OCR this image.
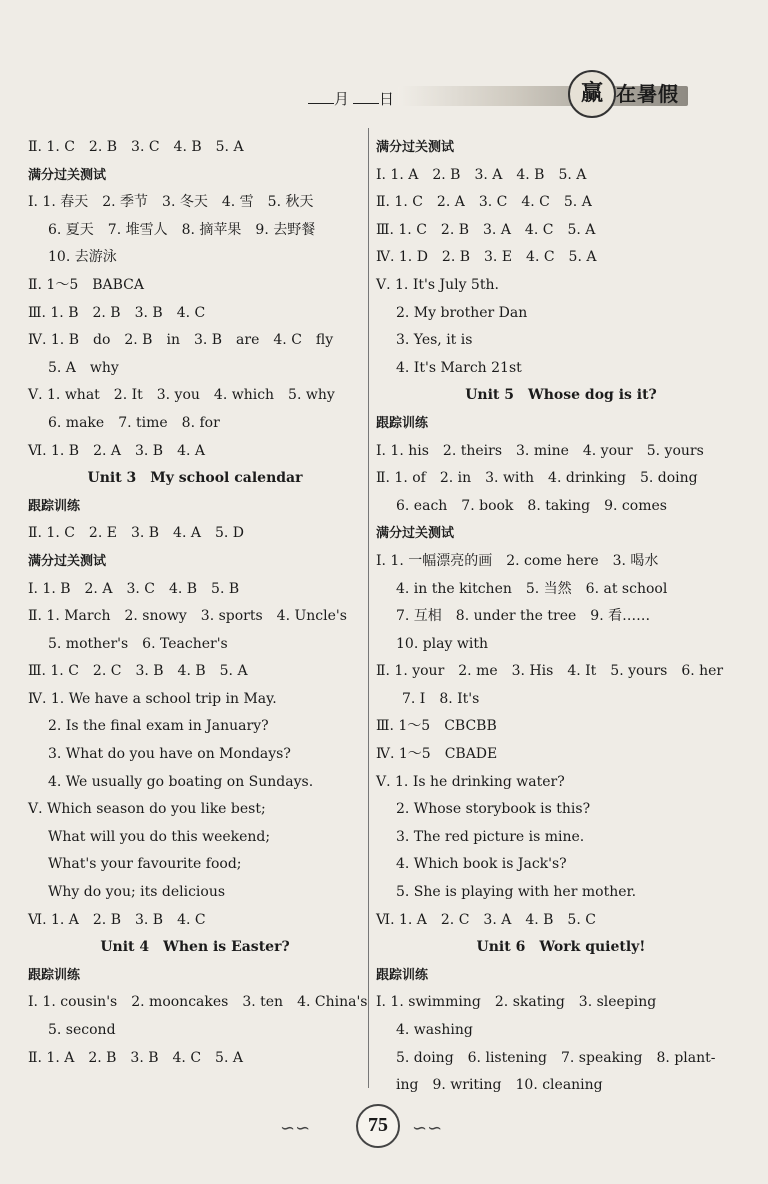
月 日	赢 在暑假
Ⅱ. 1. C　2. B　3. C　4. B　5. A
满分过关测试
Ⅰ. 1. 春天　2. 季节　3. 冬天　4. 雪　5. 秋天
6. 夏天　7. 堆雪人　8. 摘苹果　9. 去野餐
10. 去游泳
Ⅱ. 1～5　BABCA
Ⅲ. 1. B　2. B　3. B　4. C
Ⅳ. 1. B　do　2. B　in　3. B　are　4. C　fly
5. A　why
Ⅴ. 1. what　2. It　3. you　4. which　5. why
6. make　7. time　8. for
Ⅵ. 1. B　2. A　3. B　4. A
Unit 3　My school calendar
跟踪训练
Ⅱ. 1. C　2. E　3. B　4. A　5. D
满分过关测试
Ⅰ. 1. B　2. A　3. C　4. B　5. B
Ⅱ. 1. March　2. snowy　3. sports　4. Uncle's
5. mother's　6. Teacher's
Ⅲ. 1. C　2. C　3. B　4. B　5. A
Ⅳ. 1. We have a school trip in May.
2. Is the final exam in January?
3. What do you have on Mondays?
4. We usually go boating on Sundays.
Ⅴ. Which season do you like best;
What will you do this weekend;
What's your favourite food;
Why do you; its delicious
Ⅵ. 1. A　2. B　3. B　4. C
Unit 4　When is Easter?
跟踪训练
Ⅰ. 1. cousin's　2. mooncakes　3. ten　4. China's
5. second
Ⅱ. 1. A　2. B　3. B　4. C　5. A
满分过关测试
Ⅰ. 1. A　2. B　3. A　4. B　5. A
Ⅱ. 1. C　2. A　3. C　4. C　5. A
Ⅲ. 1. C　2. B　3. A　4. C　5. A
Ⅳ. 1. D　2. B　3. E　4. C　5. A
Ⅴ. 1. It's July 5th.
2. My brother Dan
3. Yes, it is
4. It's March 21st
Unit 5　Whose dog is it?
跟踪训练
Ⅰ. 1. his　2. theirs　3. mine　4. your　5. yours
Ⅱ. 1. of　2. in　3. with　4. drinking　5. doing
6. each　7. book　8. taking　9. comes
满分过关测试
Ⅰ. 1. 一幅漂亮的画　2. come here　3. 喝水
4. in the kitchen　5. 当然　6. at school
7. 互相　8. under the tree　9. 看……
10. play with
Ⅱ. 1. your　2. me　3. His　4. It　5. yours　6. her
7. I　8. It's
Ⅲ. 1～5　CBCBB
Ⅳ. 1～5　CBADE
Ⅴ. 1. Is he drinking water?
2. Whose storybook is this?
3. The red picture is mine.
4. Which book is Jack's?
5. She is playing with her mother.
Ⅵ. 1. A　2. C　3. A　4. B　5. C
Unit 6　Work quietly!
跟踪训练
Ⅰ. 1. swimming　2. skating　3. sleeping
4. washing
5. doing　6. listening　7. speaking　8. plant-
ing　9. writing　10. cleaning
∽∽	75	∽∽
